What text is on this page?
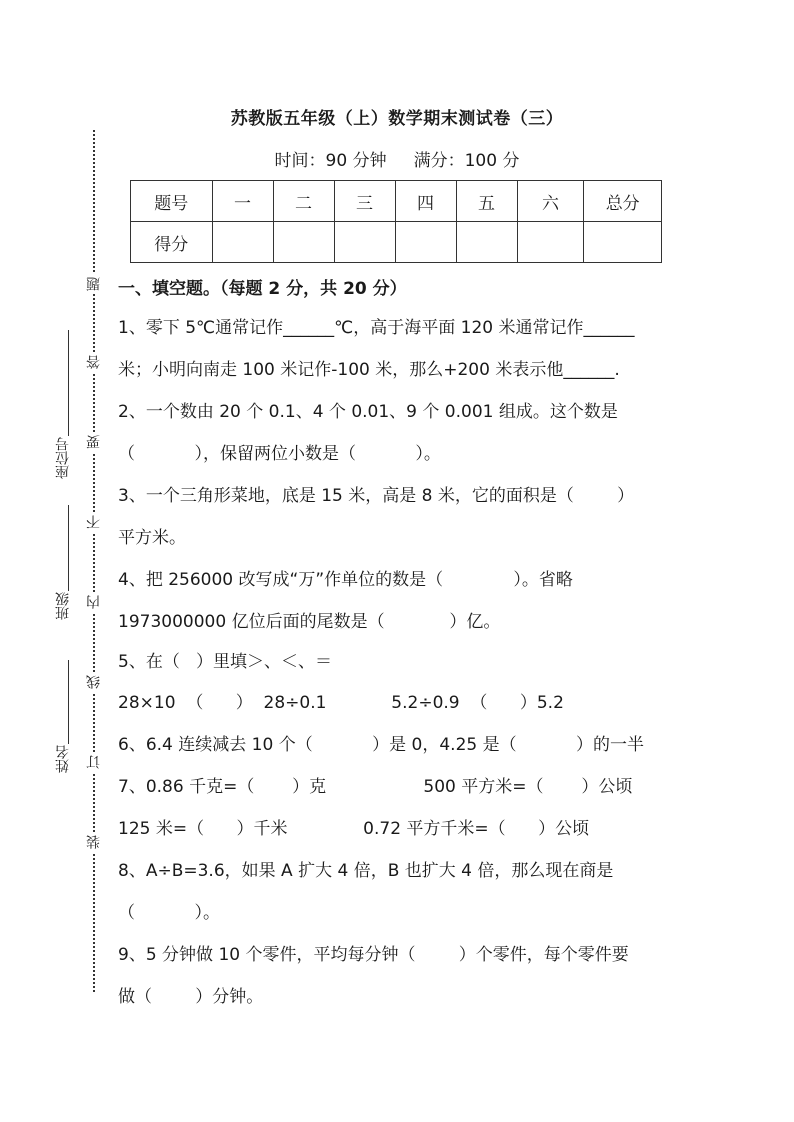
座位号
班级
姓名
题
答
要
不
内
线
订
装
苏教版五年级（上）数学期末测试卷（三）
时间：90 分钟     满分：100 分
题号	一	二	三	四	五	六	总分
得分							
一、填空题。（每题 2 分，共 20 分）
1、零下 5℃通常记作______℃，高于海平面 120 米通常记作______
米；小明向南走 100 米记作-100 米，那么+200 米表示他______.
2、一个数由 20 个 0.1、4 个 0.01、9 个 0.001 组成。这个数是
（           ），保留两位小数是（           ）。
3、一个三角形菜地，底是 15 米，高是 8 米，它的面积是（        ）
平方米。
4、把 256000 改写成“万”作单位的数是（             ）。省略
1973000000 亿位后面的尾数是（            ）亿。
5、在（   ）里填＞、＜、＝
28×10  （      ）  28÷0.1            5.2÷0.9  （      ）5.2
6、6.4 连续减去 10 个（           ）是 0，4.25 是（           ）的一半
7、0.86 千克=（       ）克                  500 平方米=（       ）公顷
125 米=（      ）千米              0.72 平方千米=（      ）公顷
8、A÷B=3.6，如果 A 扩大 4 倍，B 也扩大 4 倍，那么现在商是
（           ）。
9、5 分钟做 10 个零件，平均每分钟（        ）个零件，每个零件要
做（        ）分钟。
